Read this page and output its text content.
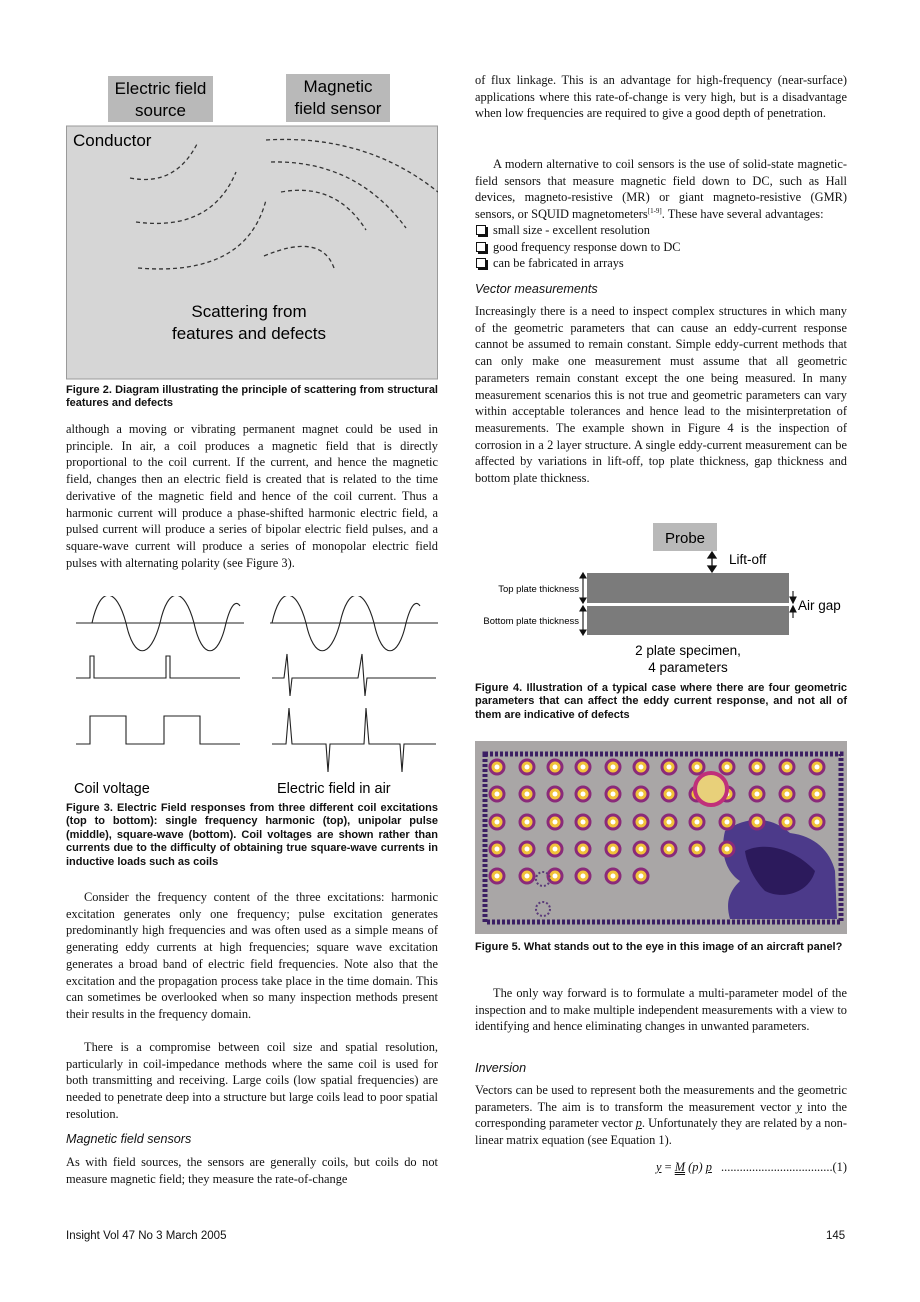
Electric field
source
Magnetic
field sensor
Conductor
Scattering from
features and defects

Figure 2. Diagram illustrating the principle of scattering from structural features and defects

although a moving or vibrating permanent magnet could be used in principle. In air, a coil produces a magnetic field that is directly proportional to the coil current. If the current, and hence the magnetic field, changes then an electric field is created that is related to the time derivative of the magnetic field and hence of the coil current. Thus a harmonic current will produce a phase-shifted harmonic electric field, a pulsed current will produce a series of bipolar electric field pulses, and a square-wave current will produce a series of monopolar electric field pulses with alternating polarity (see Figure 3).

Coil voltage	Electric field in air

Figure 3. Electric Field responses from three different coil excitations (top to bottom): single frequency harmonic (top), unipolar pulse (middle), square-wave (bottom). Coil voltages are shown rather than currents due to the difficulty of obtaining true square-wave currents in inductive loads such as coils

Consider the frequency content of the three excitations: harmonic excitation generates only one frequency; pulse excitation generates predominantly high frequencies and was often used as a simple means of generating eddy currents at high frequencies; square wave excitation generates a broad band of electric field frequencies. Note also that the excitation and the propagation process take place in the time domain. This can sometimes be overlooked when so many inspection methods present their results in the frequency domain.

There is a compromise between coil size and spatial resolution, particularly in coil-impedance methods where the same coil is used for both transmitting and receiving. Large coils (low spatial frequencies) are needed to penetrate deep into a structure but large coils lead to poor spatial resolution.

Magnetic field sensors

As with field sources, the sensors are generally coils, but coils do not measure magnetic field; they measure the rate-of-change

of flux linkage. This is an advantage for high-frequency (near-surface) applications where this rate-of-change is very high, but is a disadvantage when low frequencies are required to give a good depth of penetration.

A modern alternative to coil sensors is the use of solid-state magnetic-field sensors that measure magnetic field down to DC, such as Hall devices, magneto-resistive (MR) or giant magneto-resistive (GMR) sensors, or SQUID magnetometers[1-9]. These have several advantages:

small size - excellent resolution
good frequency response down to DC
can be fabricated in arrays

Vector measurements

Increasingly there is a need to inspect complex structures in which many of the geometric parameters that can cause an eddy-current response cannot be assumed to remain constant. Simple eddy-current methods that can only make one measurement must assume that all geometric parameters remain constant except the one being measured. In many measurement scenarios this is not true and geometric parameters can vary within acceptable tolerances and hence lead to the misinterpretation of measurements. The example shown in Figure 4 is the inspection of corrosion in a 2 layer structure. A single eddy-current measurement can be affected by variations in lift-off, top plate thickness, gap thickness and bottom plate thickness.

Probe
Lift-off
Top plate thickness
Bottom plate thickness
Air gap
2 plate specimen,
4 parameters

Figure 4. Illustration of a typical case where there are four geometric parameters that can affect the eddy current response, and not all of them are indicative of defects

Figure 5. What stands out to the eye in this image of an aircraft panel?

The only way forward is to formulate a multi-parameter model of the inspection and to make multiple independent measurements with a view to identifying and hence eliminating changes in unwanted parameters.

Inversion

Vectors can be used to represent both the measurements and the geometric parameters. The aim is to transform the measurement vector y into the corresponding parameter vector p. Unfortunately they are related by a non-linear matrix equation (see Equation 1).

y = M (p) p ....................................(1)
Insight Vol 47 No 3 March 2005	145
